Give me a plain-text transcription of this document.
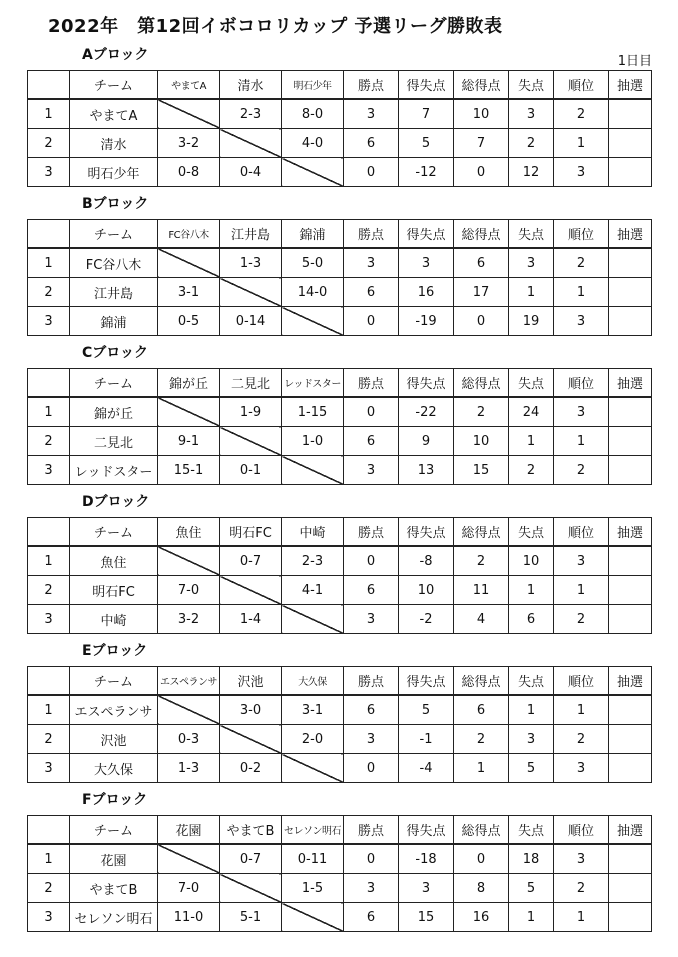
2022年　第12回イボコロリカップ 予選リーグ勝敗表
1日目
Aブロック
	チーム	やまてA	清水	明石少年	勝点	得失点	総得点	失点	順位	抽選
1	やまてA		2-3	8-0	3	7	10	3	2	
2	清水	3-2		4-0	6	5	7	2	1	
3	明石少年	0-8	0-4		0	-12	0	12	3	
Bブロック
	チーム	FC谷八木	江井島	錦浦	勝点	得失点	総得点	失点	順位	抽選
1	FC谷八木		1-3	5-0	3	3	6	3	2	
2	江井島	3-1		14-0	6	16	17	1	1	
3	錦浦	0-5	0-14		0	-19	0	19	3	
Cブロック
	チーム	錦が丘	二見北	レッドスター	勝点	得失点	総得点	失点	順位	抽選
1	錦が丘		1-9	1-15	0	-22	2	24	3	
2	二見北	9-1		1-0	6	9	10	1	1	
3	レッドスター	15-1	0-1		3	13	15	2	2	
Dブロック
	チーム	魚住	明石FC	中崎	勝点	得失点	総得点	失点	順位	抽選
1	魚住		0-7	2-3	0	-8	2	10	3	
2	明石FC	7-0		4-1	6	10	11	1	1	
3	中崎	3-2	1-4		3	-2	4	6	2	
Eブロック
	チーム	エスペランサ	沢池	大久保	勝点	得失点	総得点	失点	順位	抽選
1	エスペランサ		3-0	3-1	6	5	6	1	1	
2	沢池	0-3		2-0	3	-1	2	3	2	
3	大久保	1-3	0-2		0	-4	1	5	3	
Fブロック
	チーム	花園	やまてB	セレソン明石	勝点	得失点	総得点	失点	順位	抽選
1	花園		0-7	0-11	0	-18	0	18	3	
2	やまてB	7-0		1-5	3	3	8	5	2	
3	セレソン明石	11-0	5-1		6	15	16	1	1	
